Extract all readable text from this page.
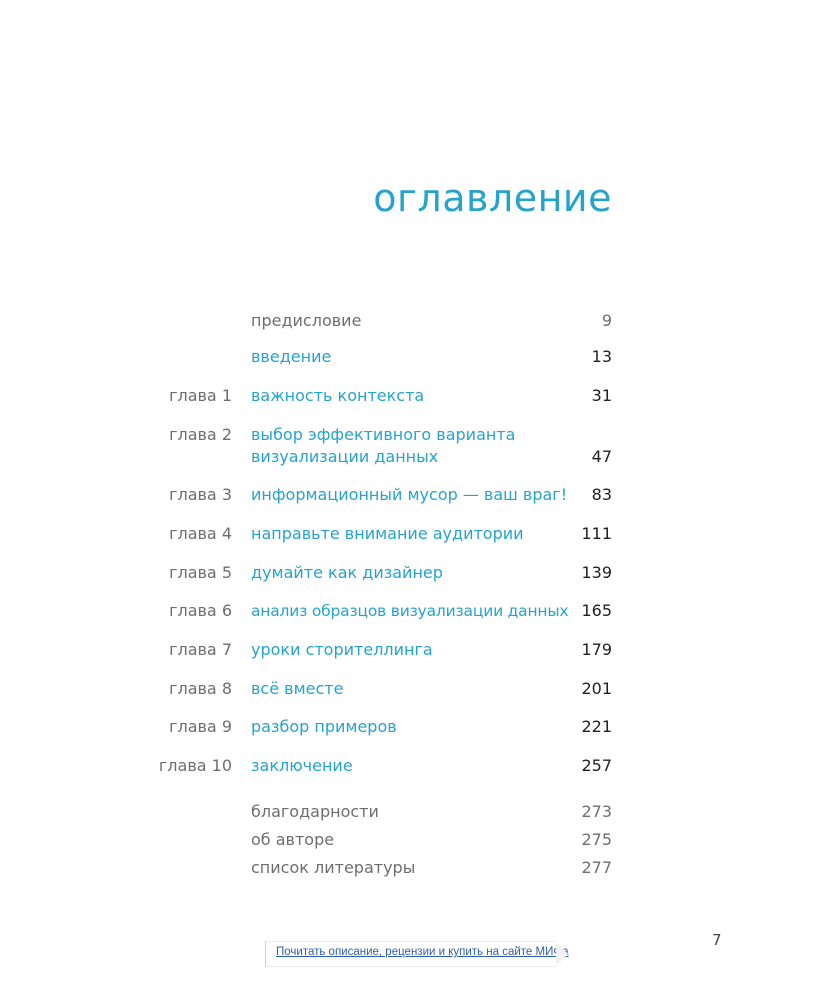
оглавление
предисловие	9
введение	13
глава 1 важность контекста	31
глава 2 выбор эффективного варианта
визуализации данных	47
глава 3 информационный мусор — ваш враг! 83
глава 4 направьте внимание аудитории	111
глава 5 думайте как дизайнер	139
глава 6 анализ образцов визуализации данных 165
глава 7 уроки сторителлинга	179
глава 8 всё вместе	201
глава 9 разбор примеров	221
глава 10 заключение	257
благодарности	273
об авторе	275
список литературы	277
7
Почитать описание, рецензии и купить на сайте МИФа
